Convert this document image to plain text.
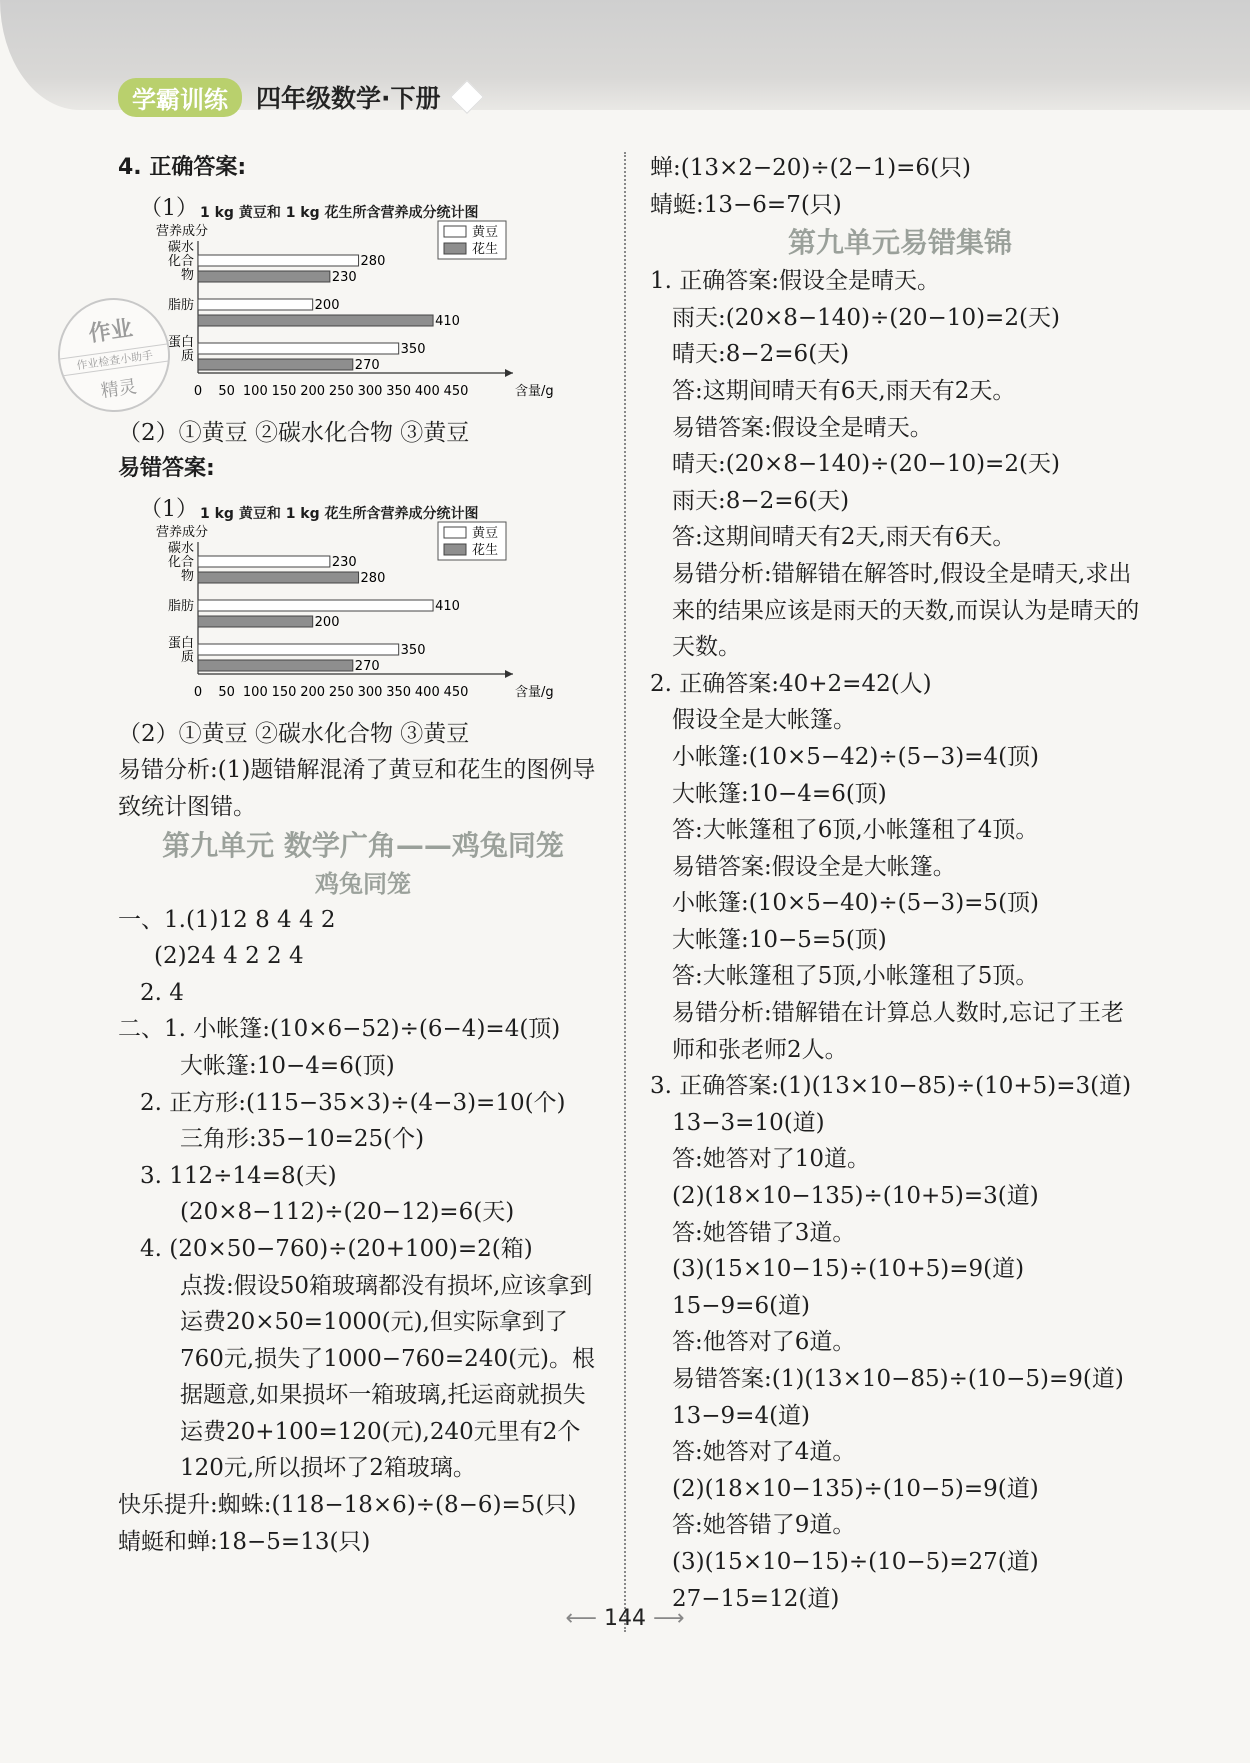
学霸训练	四年级数学·下册
4. 正确答案:
（1） 1 kg 黄豆和 1 kg 花生所含营养成分统计图
营养成分
0 50 100 150 200 250 300 350 400 450	含量/g
黄豆
花生
碳水
化合
物
280
230
脂肪	200
410
蛋白
质	350
270
（2）①黄豆 ②碳水化合物 ③黄豆
易错答案:
（1） 1 kg 黄豆和 1 kg 花生所含营养成分统计图
营养成分
0 50 100 150 200 250 300 350 400 450	含量/g
黄豆
花生
碳水
化合
物
230
280
脂肪	410
200
蛋白
质	350
270
（2）①黄豆 ②碳水化合物 ③黄豆
易错分析:(1)题错解混淆了黄豆和花生的图例导致统计图错。
第九单元 数学广角——鸡兔同笼
鸡兔同笼
一、1.(1)12 8 4 4 2
(2)24 4 2 2 4
2. 4
二、1. 小帐篷:(10×6−52)÷(6−4)=4(顶)
大帐篷:10−4=6(顶)
2. 正方形:(115−35×3)÷(4−3)=10(个)
三角形:35−10=25(个)
3. 112÷14=8(天)
(20×8−112)÷(20−12)=6(天)
4. (20×50−760)÷(20+100)=2(箱)
点拨:假设50箱玻璃都没有损坏,应该拿到运费20×50=1000(元),但实际拿到了760元,损失了1000−760=240(元)。根据题意,如果损坏一箱玻璃,托运商就损失运费20+100=120(元),240元里有2个120元,所以损坏了2箱玻璃。
快乐提升:蜘蛛:(118−18×6)÷(8−6)=5(只)
蜻蜓和蝉:18−5=13(只)
作业
作业检查小助手
精灵
蝉:(13×2−20)÷(2−1)=6(只)
蜻蜓:13−6=7(只)
第九单元易错集锦
1. 正确答案:假设全是晴天。
雨天:(20×8−140)÷(20−10)=2(天)
晴天:8−2=6(天)
答:这期间晴天有6天,雨天有2天。
易错答案:假设全是晴天。
晴天:(20×8−140)÷(20−10)=2(天)
雨天:8−2=6(天)
答:这期间晴天有2天,雨天有6天。
易错分析:错解错在解答时,假设全是晴天,求出来的结果应该是雨天的天数,而误认为是晴天的天数。
2. 正确答案:40+2=42(人)
假设全是大帐篷。
小帐篷:(10×5−42)÷(5−3)=4(顶)
大帐篷:10−4=6(顶)
答:大帐篷租了6顶,小帐篷租了4顶。
易错答案:假设全是大帐篷。
小帐篷:(10×5−40)÷(5−3)=5(顶)
大帐篷:10−5=5(顶)
答:大帐篷租了5顶,小帐篷租了5顶。
易错分析:错解错在计算总人数时,忘记了王老师和张老师2人。
3. 正确答案:(1)(13×10−85)÷(10+5)=3(道)
13−3=10(道)
答:她答对了10道。
(2)(18×10−135)÷(10+5)=3(道)
答:她答错了3道。
(3)(15×10−15)÷(10+5)=9(道)
15−9=6(道)
答:他答对了6道。
易错答案:(1)(13×10−85)÷(10−5)=9(道)
13−9=4(道)
答:她答对了4道。
(2)(18×10−135)÷(10−5)=9(道)
答:她答错了9道。
(3)(15×10−15)÷(10−5)=27(道)
27−15=12(道)
⟵ 144 ⟶
